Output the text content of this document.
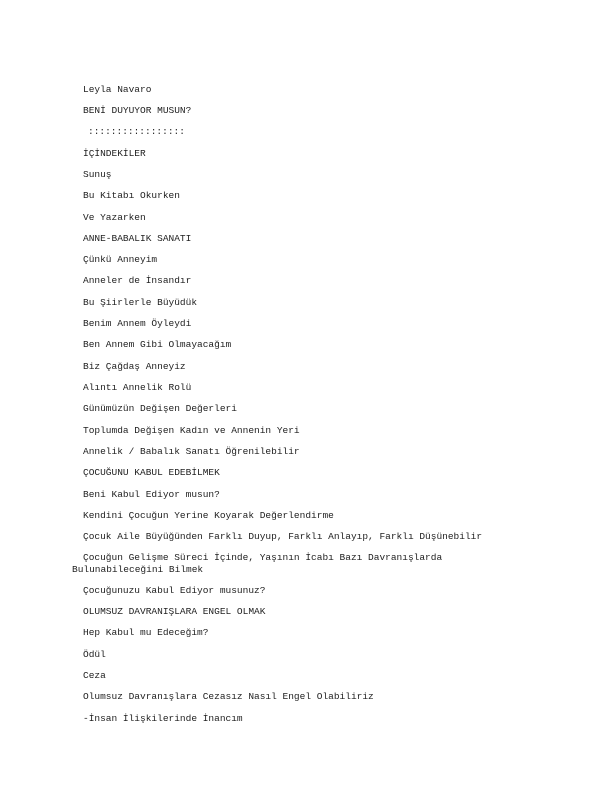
Leyla Navaro
BENİ DUYUYOR MUSUN?
:::::::::::::::::
İÇİNDEKİLER
Sunuş
Bu Kitabı Okurken
Ve Yazarken
ANNE-BABALIK SANATI
Çünkü Anneyim
Anneler de İnsandır
Bu Şiirlerle Büyüdük
Benim Annem Öyleydi
Ben Annem Gibi Olmayacağım
Biz Çağdaş Anneyiz
Alıntı Annelik Rolü
Günümüzün Değişen Değerleri
Toplumda Değişen Kadın ve Annenin Yeri
Annelik / Babalık Sanatı Öğrenilebilir
ÇOCUĞUNU KABUL EDEBİLMEK
Beni Kabul Ediyor musun?
Kendini Çocuğun Yerine Koyarak Değerlendirme
Çocuk Aile Büyüğünden Farklı Duyup, Farklı Anlayıp, Farklı Düşünebilir
Çocuğun Gelişme Süreci İçinde, Yaşının İcabı Bazı Davranışlarda
Bulunabileceğini Bilmek
Çocuğunuzu Kabul Ediyor musunuz?
OLUMSUZ DAVRANIŞLARA ENGEL OLMAK
Hep Kabul mu Edeceğim?
Ödül
Ceza
Olumsuz Davranışlara Cezasız Nasıl Engel Olabiliriz
-İnsan İlişkilerinde İnancım
